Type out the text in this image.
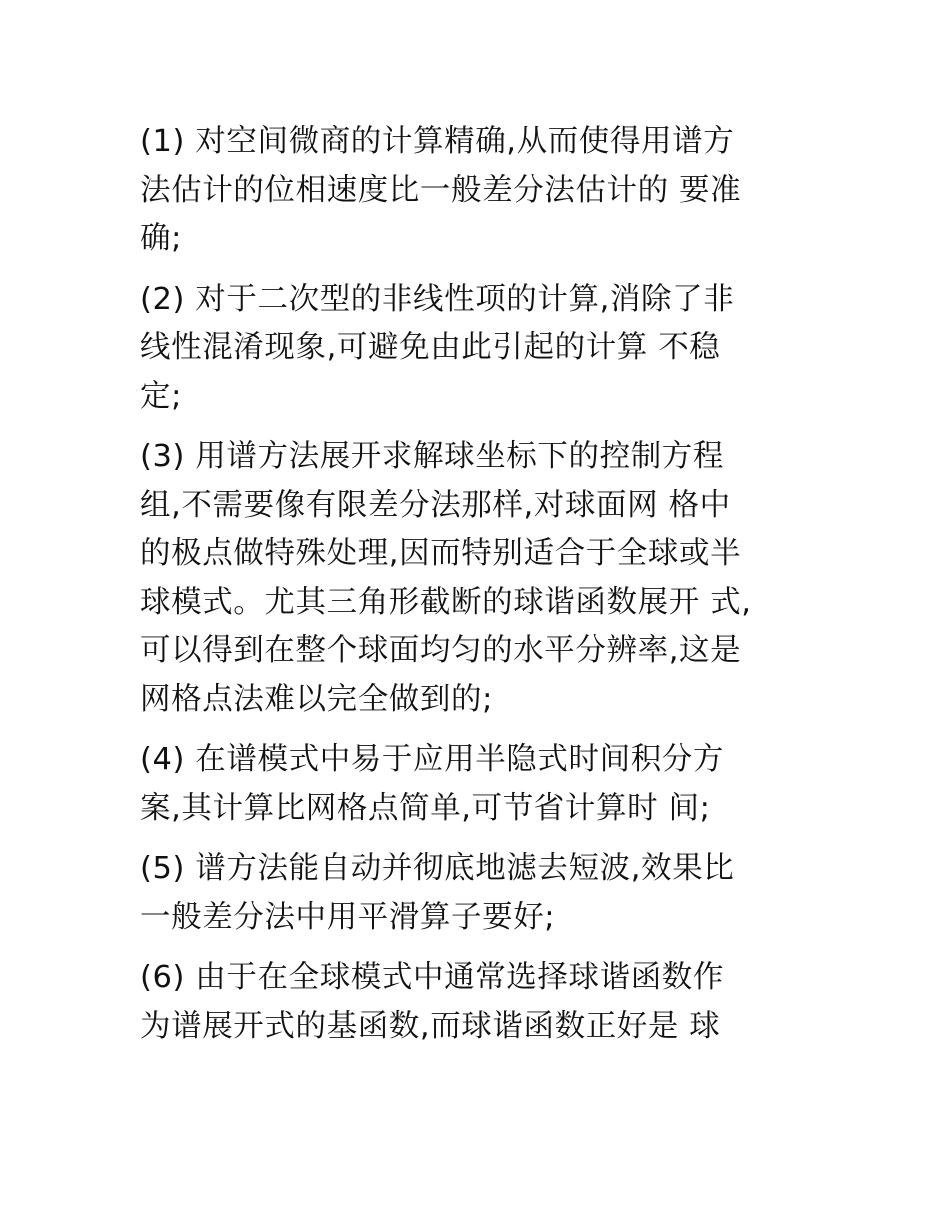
(1) 对空间微商的计算精确,从而使得用谱方
法估计的位相速度比一般差分法估计的 要准
确;

(2) 对于二次型的非线性项的计算,消除了非
线性混淆现象,可避免由此引起的计算 不稳
定;

(3) 用谱方法展开求解球坐标下的控制方程
组,不需要像有限差分法那样,对球面网 格中
的极点做特殊处理,因而特别适合于全球或半
球模式。尤其三角形截断的球谐函数展开 式,
可以得到在整个球面均匀的水平分辨率,这是
网格点法难以完全做到的;

(4) 在谱模式中易于应用半隐式时间积分方
案,其计算比网格点简单,可节省计算时 间;

(5) 谱方法能自动并彻底地滤去短波,效果比
一般差分法中用平滑算子要好;

(6) 由于在全球模式中通常选择球谐函数作
为谱展开式的基函数,而球谐函数正好是 球
